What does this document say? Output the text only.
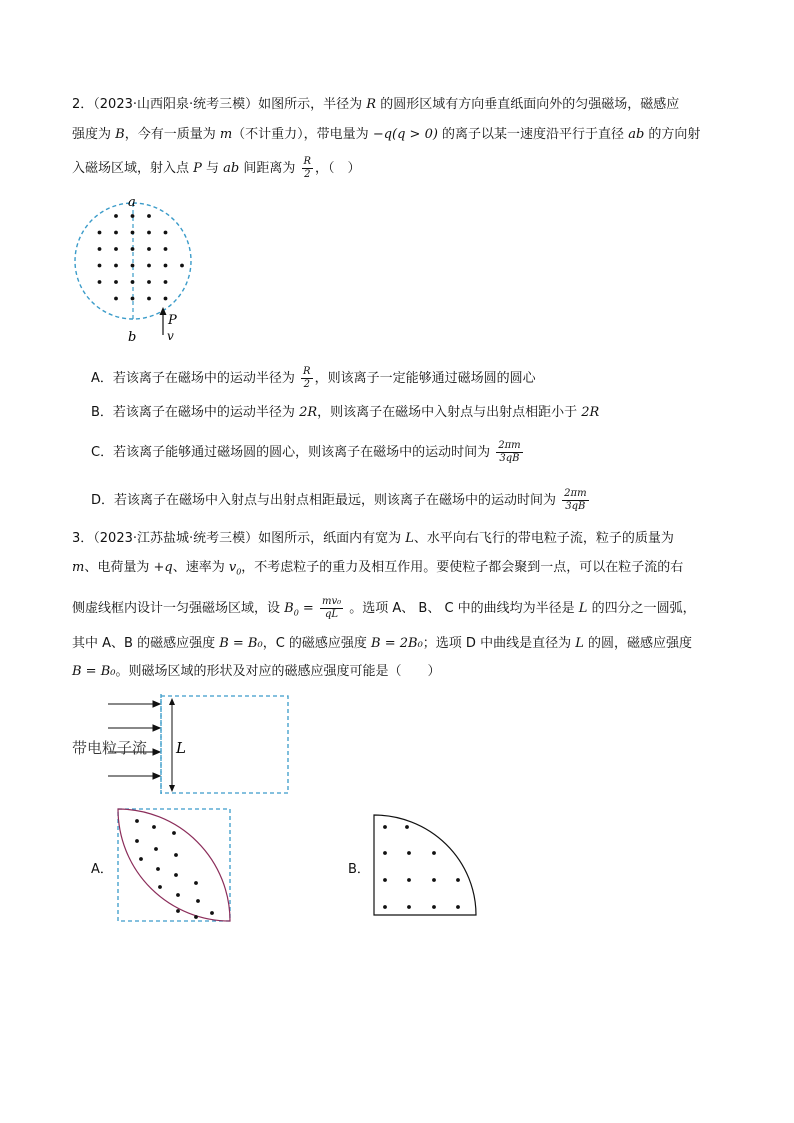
2．（2023·山西阳泉·统考三模）如图所示，半径为 R 的圆形区域有方向垂直纸面向外的匀强磁场，磁感应
强度为 B，今有一质量为 m（不计重力），带电量为 −q(q > 0) 的离子以某一速度沿平行于直径 ab 的方向射
入磁场区域，射入点 P 与 ab 间距离为 $\frac{R}{2}$ ，（　）
a
b
P
v
A．若该离子在磁场中的运动半径为 $\frac{R}{2}$ ，则该离子一定能够通过磁场圆的圆心
B．若该离子在磁场中的运动半径为 2R，则该离子在磁场中入射点与出射点相距小于 2R
C．若该离子能够通过磁场圆的圆心，则该离子在磁场中的运动时间为 $\frac{2\pi m}{3qB}$
D．若该离子在磁场中入射点与出射点相距最远，则该离子在磁场中的运动时间为 $\frac{2\pi m}{3qB}$
3．（2023·江苏盐城·统考三模）如图所示，纸面内有宽为 L、水平向右飞行的带电粒子流，粒子的质量为
m、电荷量为 +q、速率为 $v_0$，不考虑粒子的重力及相互作用。要使粒子都会聚到一点，可以在粒子流的右
侧虚线框内设计一匀强磁场区域，设 $B_0 = \frac{\text{mv₀}}{qL}$ 。选项 A、 B、 C 中的曲线均为半径是 L 的四分之一圆弧，
其中 A、B 的磁感应强度 B = B₀，C 的磁感应强度 B = 2B₀；选项 D 中曲线是直径为 L 的圆，磁感应强度
B = B₀。则磁场区域的形状及对应的磁感应强度可能是（　　）
L
带电粒子流
A．	B．
